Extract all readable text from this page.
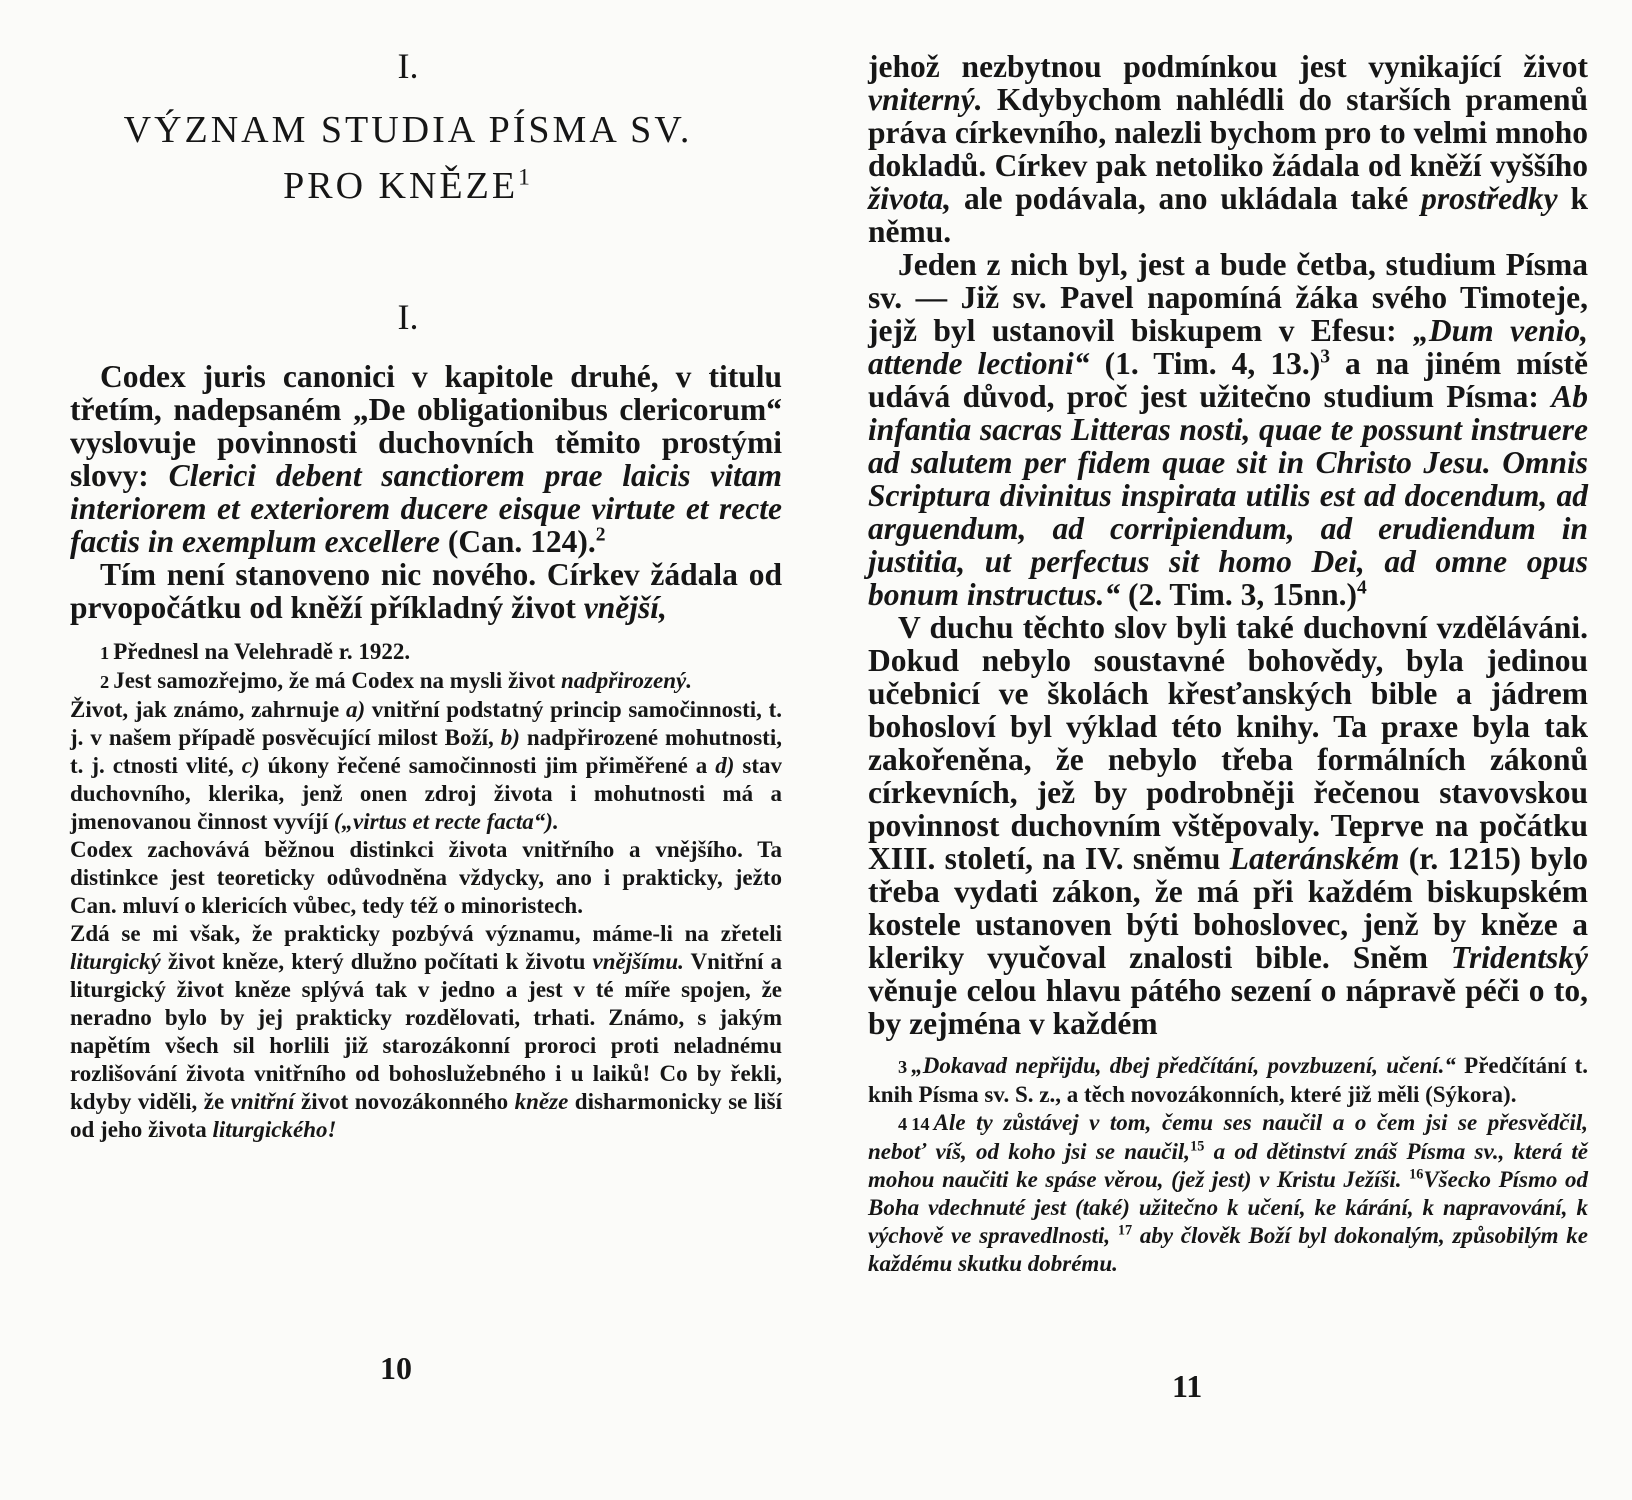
I.
VÝZNAM STUDIA PÍSMA SV.
PRO KNĚZE$^1$
I.

Codex juris canonici v kapitole druhé, v titulu třetím, nadepsaném „De obligationibus clericorum“ vyslovuje povinnosti duchovních těmito prostými slovy: Clerici debent sanctiorem prae laicis vitam interiorem et exteriorem ducere eisque virtute et recte factis in exemplum excellere (Can. 124).$^2$

Tím není stanoveno nic nového. Církev žádala od prvopočátku od kněží příkladný život vnější,

1 Přednesl na Velehradě r. 1922.

2 Jest samozřejmo, že má Codex na mysli život nadpřirozený.

Život, jak známo, zahrnuje a) vnitřní podstatný princip samočinnosti, t. j. v našem případě posvěcující milost Boží, b) nadpřirozené mohutnosti, t. j. ctnosti vlité, c) úkony řečené samočinnosti jim přiměřené a d) stav duchovního, klerika, jenž onen zdroj života i mohutnosti má a jmenovanou činnost vyvíjí („virtus et recte facta“).

Codex zachovává běžnou distinkci života vnitřního a vnějšího. Ta distinkce jest teoreticky odůvodněna vždycky, ano i prakticky, ježto Can. mluví o klericích vůbec, tedy též o minoristech.

Zdá se mi však, že prakticky pozbývá významu, máme-li na zřeteli liturgický život kněze, který dlužno počítati k životu vnějšímu. Vnitřní a liturgický život kněze splývá tak v jedno a jest v té míře spojen, že neradno bylo by jej prakticky rozdělovati, trhati. Známo, s jakým napětím všech sil horlili již starozákonní proroci proti neladnému rozlišování života vnitřního od bohoslužebného i u laiků! Co by řekli, kdyby viděli, že vnitřní život novozákonného kněze disharmonicky se liší od jeho života liturgického!

10

jehož nezbytnou podmínkou jest vynikající život vniterný. Kdybychom nahlédli do starších pramenů práva církevního, nalezli bychom pro to velmi mnoho dokladů. Církev pak netoliko žádala od kněží vyššího života, ale podávala, ano ukládala také prostředky k němu.

Jeden z nich byl, jest a bude četba, studium Písma sv. — Již sv. Pavel napomíná žáka svého Timoteje, jejž byl ustanovil biskupem v Efesu: „Dum venio, attende lectioni“ (1. Tim. 4, 13.)$^3$ a na jiném místě udává důvod, proč jest užitečno studium Písma: Ab infantia sacras Litteras nosti, quae te possunt instruere ad salutem per fidem quae sit in Christo Jesu. Omnis Scriptura divinitus inspirata utilis est ad docendum, ad arguendum, ad corripiendum, ad erudiendum in justitia, ut perfectus sit homo Dei, ad omne opus bonum instructus.“ (2. Tim. 3, 15nn.)$^4$

V duchu těchto slov byli také duchovní vzděláváni. Dokud nebylo soustavné bohovědy, byla jedinou učebnicí ve školách křesťanských bible a jádrem bohosloví byl výklad této knihy. Ta praxe byla tak zakořeněna, že nebylo třeba formálních zákonů církevních, jež by podrobněji řečenou stavovskou povinnost duchovním vštěpovaly. Teprve na počátku XIII. století, na IV. sněmu Lateránském (r. 1215) bylo třeba vydati zákon, že má při každém biskupském kostele ustanoven býti bohoslovec, jenž by kněze a kleriky vyučoval znalosti bible. Sněm Tridentský věnuje celou hlavu pátého sezení o nápravě péči o to, by zejména v každém

3 „Dokavad nepřijdu, dbej předčítání, povzbuzení, učení.“ Předčítání t. knih Písma sv. S. z., a těch novozákonních, které již měli (Sýkora).

4 14 Ale ty zůstávej v tom, čemu ses naučil a o čem jsi se přesvědčil, neboť víš, od koho jsi se naučil,$^{15}$ a od dětinství znáš Písma sv., která tě mohou naučiti ke spáse věrou, (jež jest) v Kristu Ježíši. $^{16}$Všecko Písmo od Boha vdechnuté jest (také) užitečno k učení, ke kárání, k napravování, k výchově ve spravedlnosti, $^{17}$ aby člověk Boží byl dokonalým, způsobilým ke každému skutku dobrému.

11
